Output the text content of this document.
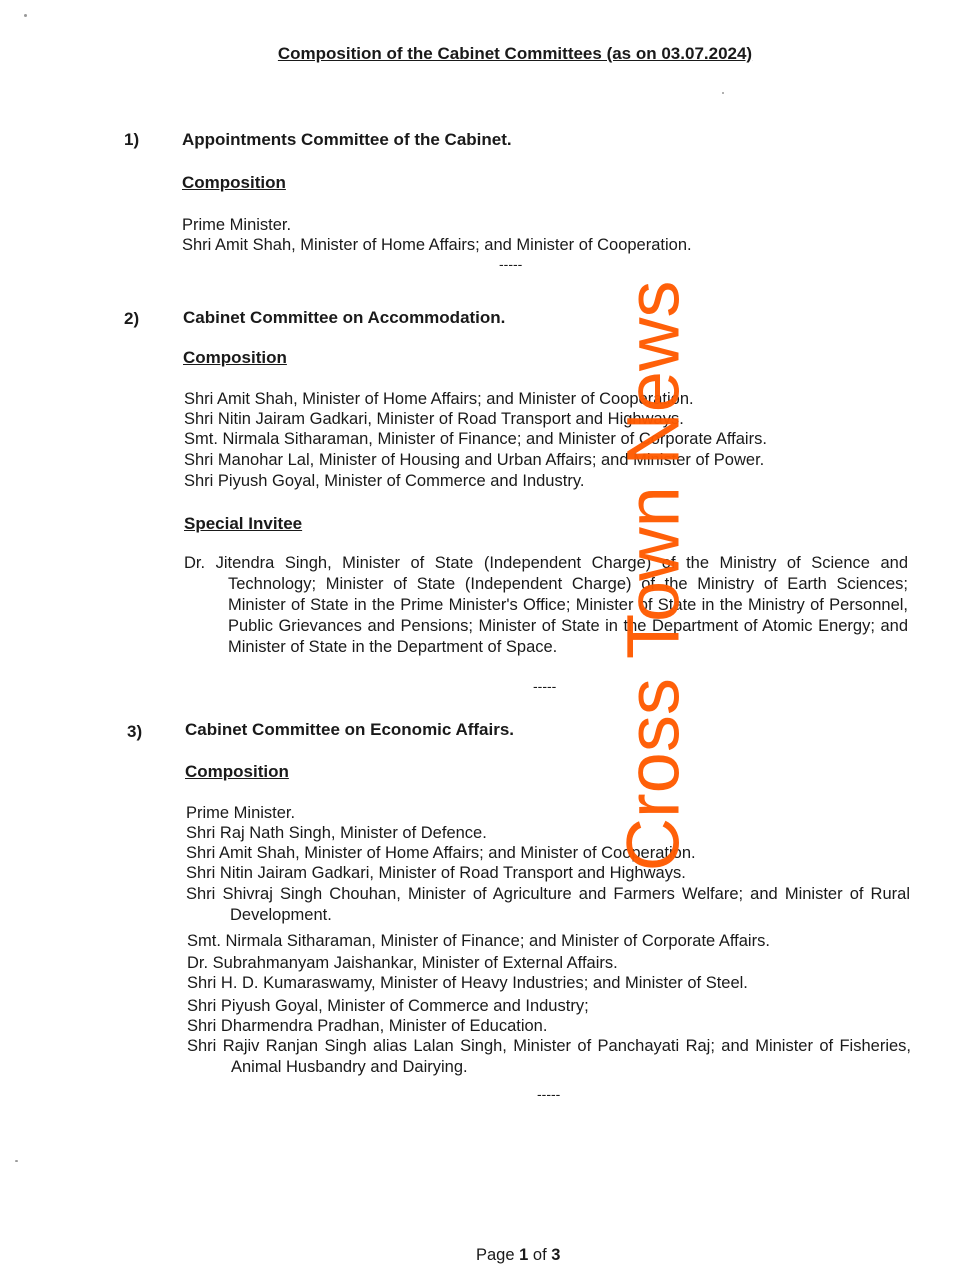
Composition of the Cabinet Committees (as on 03.07.2024)
1)	Appointments Committee of the Cabinet.
Composition
Prime Minister.
Shri Amit Shah, Minister of Home Affairs; and Minister of Cooperation.
-----
2)	Cabinet Committee on Accommodation.
Composition
Shri Amit Shah, Minister of Home Affairs; and Minister of Cooperation.
Shri Nitin Jairam Gadkari, Minister of Road Transport and Highways.
Smt. Nirmala Sitharaman, Minister of Finance; and Minister of Corporate Affairs.
Shri Manohar Lal, Minister of Housing and Urban Affairs; and Minister of Power.
Shri Piyush Goyal, Minister of Commerce and Industry.
Special Invitee
Dr. Jitendra Singh, Minister of State (Independent Charge) of the Ministry of Science and Technology; Minister of State (Independent Charge) of the Ministry of Earth Sciences; Minister of State in the Prime Minister's Office; Minister of State in the Ministry of Personnel, Public Grievances and Pensions; Minister of State in the Department of Atomic Energy; and Minister of State in the Department of Space.
-----
3)	Cabinet Committee on Economic Affairs.
Composition
Prime Minister.
Shri Raj Nath Singh, Minister of Defence.
Shri Amit Shah, Minister of Home Affairs; and Minister of Cooperation.
Shri Nitin Jairam Gadkari, Minister of Road Transport and Highways.
Shri Shivraj Singh Chouhan, Minister of Agriculture and Farmers Welfare; and Minister of Rural Development.
Smt. Nirmala Sitharaman, Minister of Finance; and Minister of Corporate Affairs.
Dr. Subrahmanyam Jaishankar, Minister of External Affairs.
Shri H. D. Kumaraswamy, Minister of Heavy Industries; and Minister of Steel.
Shri Piyush Goyal, Minister of Commerce and Industry;
Shri Dharmendra Pradhan, Minister of Education.
Shri Rajiv Ranjan Singh alias Lalan Singh, Minister of Panchayati Raj; and Minister of Fisheries, Animal Husbandry and Dairying.
-----
Page 1 of 3
Cross Town News
